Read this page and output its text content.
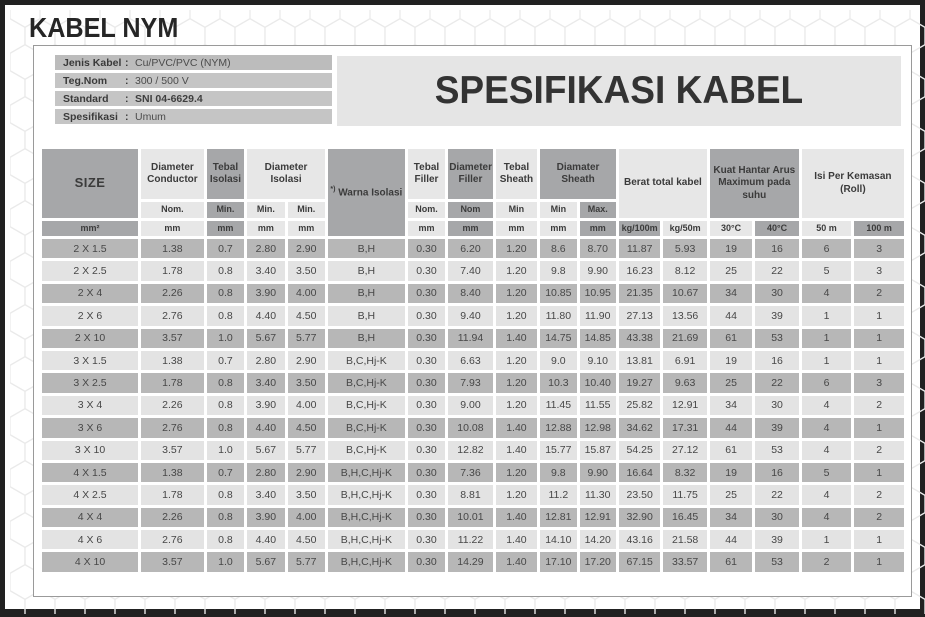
KABEL NYM
Jenis Kabel : Cu/PVC/PVC (NYM)
Teg.Nom	: 300 / 500 V
Standard	: SNI 04-6629.4
Spesifikasi : Umum
SPESIFIKASI KABEL
SIZE	Diameter Conductor	Tebal Isolasi	Diameter Isolasi		*) Warna Isolasi	Tebal Filler	Diameter Filler	Tebal Sheath	Diamater Sheath		Berat total kabel		Kuat Hantar Arus Maximum pada suhu		Isi Per Kemasan (Roll)	
	Nom.	Min.	Min.	Min.		Nom.	Nom	Min	Min	Max.						
mm²	mm	mm	mm	mm		mm	mm	mm	mm	mm	kg/100m	kg/50m	30°C	40°C	50 m	100 m
2 X 1.5	1.38	0.7	2.80	2.90	B,H	0.30	6.20	1.20	8.6	8.70	11.87	5.93	19	16	6	3
2 X 2.5	1.78	0.8	3.40	3.50	B,H	0.30	7.40	1.20	9.8	9.90	16.23	8.12	25	22	5	3
2 X 4	2.26	0.8	3.90	4.00	B,H	0.30	8.40	1.20	10.85	10.95	21.35	10.67	34	30	4	2
2 X 6	2.76	0.8	4.40	4.50	B,H	0.30	9.40	1.20	11.80	11.90	27.13	13.56	44	39	1	1
2 X 10	3.57	1.0	5.67	5.77	B,H	0.30	11.94	1.40	14.75	14.85	43.38	21.69	61	53	1	1
3 X 1.5	1.38	0.7	2.80	2.90	B,C,Hj-K	0.30	6.63	1.20	9.0	9.10	13.81	6.91	19	16	1	1
3 X 2.5	1.78	0.8	3.40	3.50	B,C,Hj-K	0.30	7.93	1.20	10.3	10.40	19.27	9.63	25	22	6	3
3 X 4	2.26	0.8	3.90	4.00	B,C,Hj-K	0.30	9.00	1.20	11.45	11.55	25.82	12.91	34	30	4	2
3 X 6	2.76	0.8	4.40	4.50	B,C,Hj-K	0.30	10.08	1.40	12.88	12.98	34.62	17.31	44	39	4	1
3 X 10	3.57	1.0	5.67	5.77	B,C,Hj-K	0.30	12.82	1.40	15.77	15.87	54.25	27.12	61	53	4	2
4 X 1.5	1.38	0.7	2.80	2.90	B,H,C,Hj-K	0.30	7.36	1.20	9.8	9.90	16.64	8.32	19	16	5	1
4 X 2.5	1.78	0.8	3.40	3.50	B,H,C,Hj-K	0.30	8.81	1.20	11.2	11.30	23.50	11.75	25	22	4	2
4 X 4	2.26	0.8	3.90	4.00	B,H,C,Hj-K	0.30	10.01	1.40	12.81	12.91	32.90	16.45	34	30	4	2
4 X 6	2.76	0.8	4.40	4.50	B,H,C,Hj-K	0.30	11.22	1.40	14.10	14.20	43.16	21.58	44	39	1	1
4 X 10	3.57	1.0	5.67	5.77	B,H,C,Hj-K	0.30	14.29	1.40	17.10	17.20	67.15	33.57	61	53	2	1
